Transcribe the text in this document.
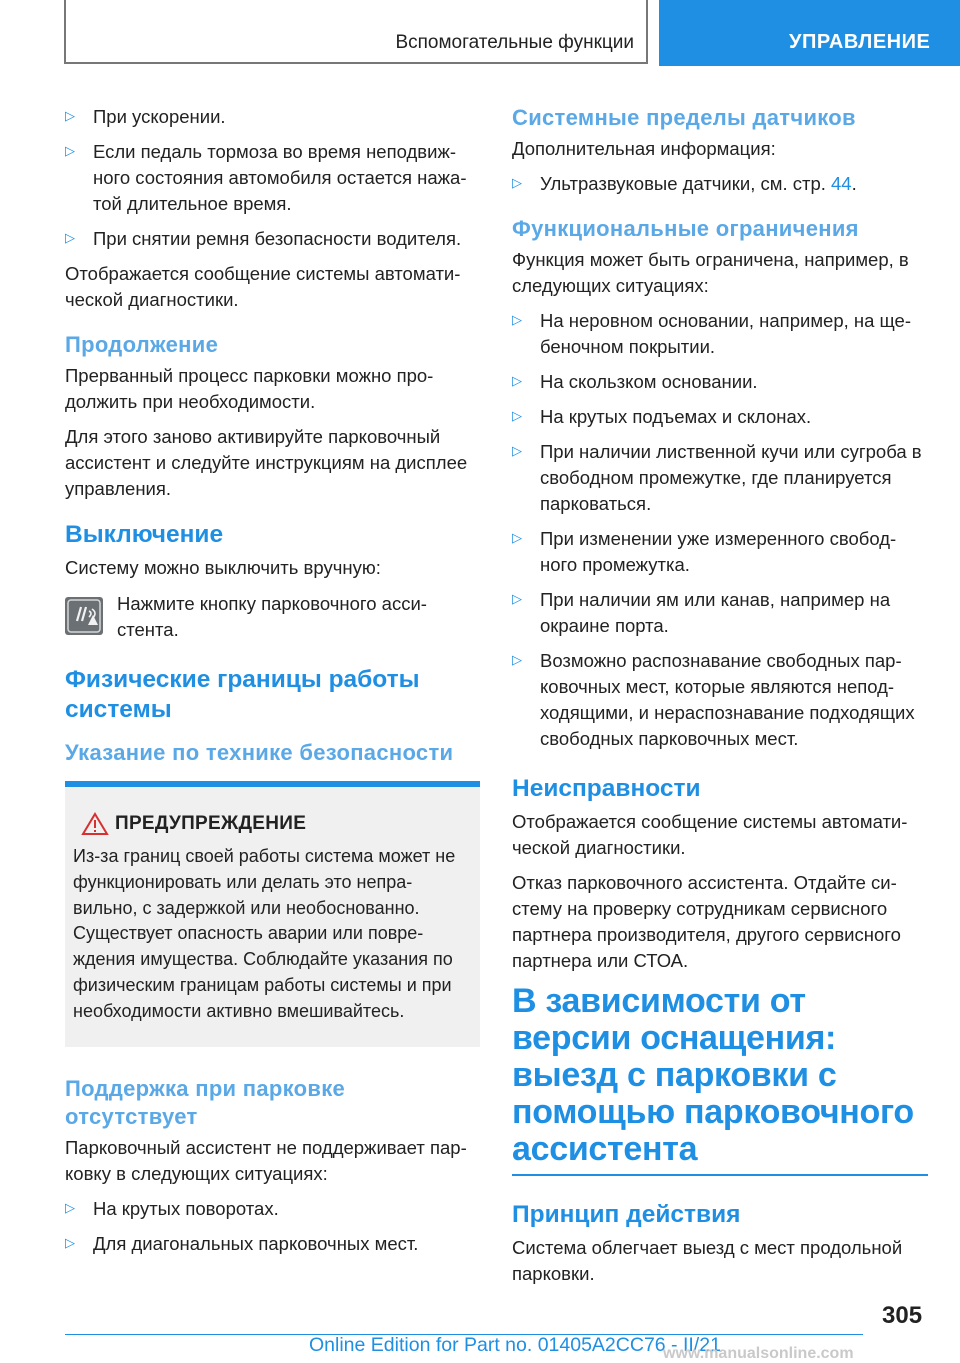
Вспомогательные функции	УПРАВЛЕНИЕ
▷ При ускорении.
▷ Если педаль тормоза во время неподвиж-ного состояния автомобиля остается нажа-той длительное время.
▷ При снятии ремня безопасности водителя.

Отображается сообщение системы автомати-ческой диагностики.

Продолжение

Прерванный процесс парковки можно про-должить при необходимости.

Для этого заново активируйте парковочный ассистент и следуйте инструкциям на дисплее управления.

Выключение

Систему можно выключить вручную:

Нажмите кнопку парковочного асси-стента.

Физические границы работы системы
Указание по технике безопасности
ПРЕДУПРЕЖДЕНИЕ

Из-за границ своей работы система может не функционировать или делать это непра-вильно, с задержкой или необоснованно. Существует опасность аварии или повре-ждения имущества. Соблюдайте указания по физическим границам работы системы и при необходимости активно вмешивайтесь.

Поддержка при парковке отсутствует

Парковочный ассистент не поддерживает пар-ковку в следующих ситуациях:

▷ На крутых поворотах.
▷ Для диагональных парковочных мест.
Системные пределы датчиков

Дополнительная информация:

▷ Ультразвуковые датчики, см. стр. 44.
Функциональные ограничения

Функция может быть ограничена, например, в следующих ситуациях:

▷ На неровном основании, например, на ще-беночном покрытии.
▷ На скользком основании.
▷ На крутых подъемах и склонах.
▷ При наличии лиственной кучи или сугроба в свободном промежутке, где планируется парковаться.
▷ При изменении уже измеренного свобод-ного промежутка.
▷ При наличии ям или канав, например на окраине порта.
▷ Возможно распознавание свободных пар-ковочных мест, которые являются непод-ходящими, и нераспознавание подходящих свободных парковочных мест.
Неисправности

Отображается сообщение системы автомати-ческой диагностики.

Отказ парковочного ассистента. Отдайте си-стему на проверку сотрудникам сервисного партнера производителя, другого сервисного партнера или СТОА.

В зависимости от версии оснащения: выезд с парковки с помощью парковочного ассистента
Принцип действия

Система облегчает выезд с мест продольной парковки.

305
Online Edition for Part no. 01405A2CC76 - II/21
www.manualsonline.com
